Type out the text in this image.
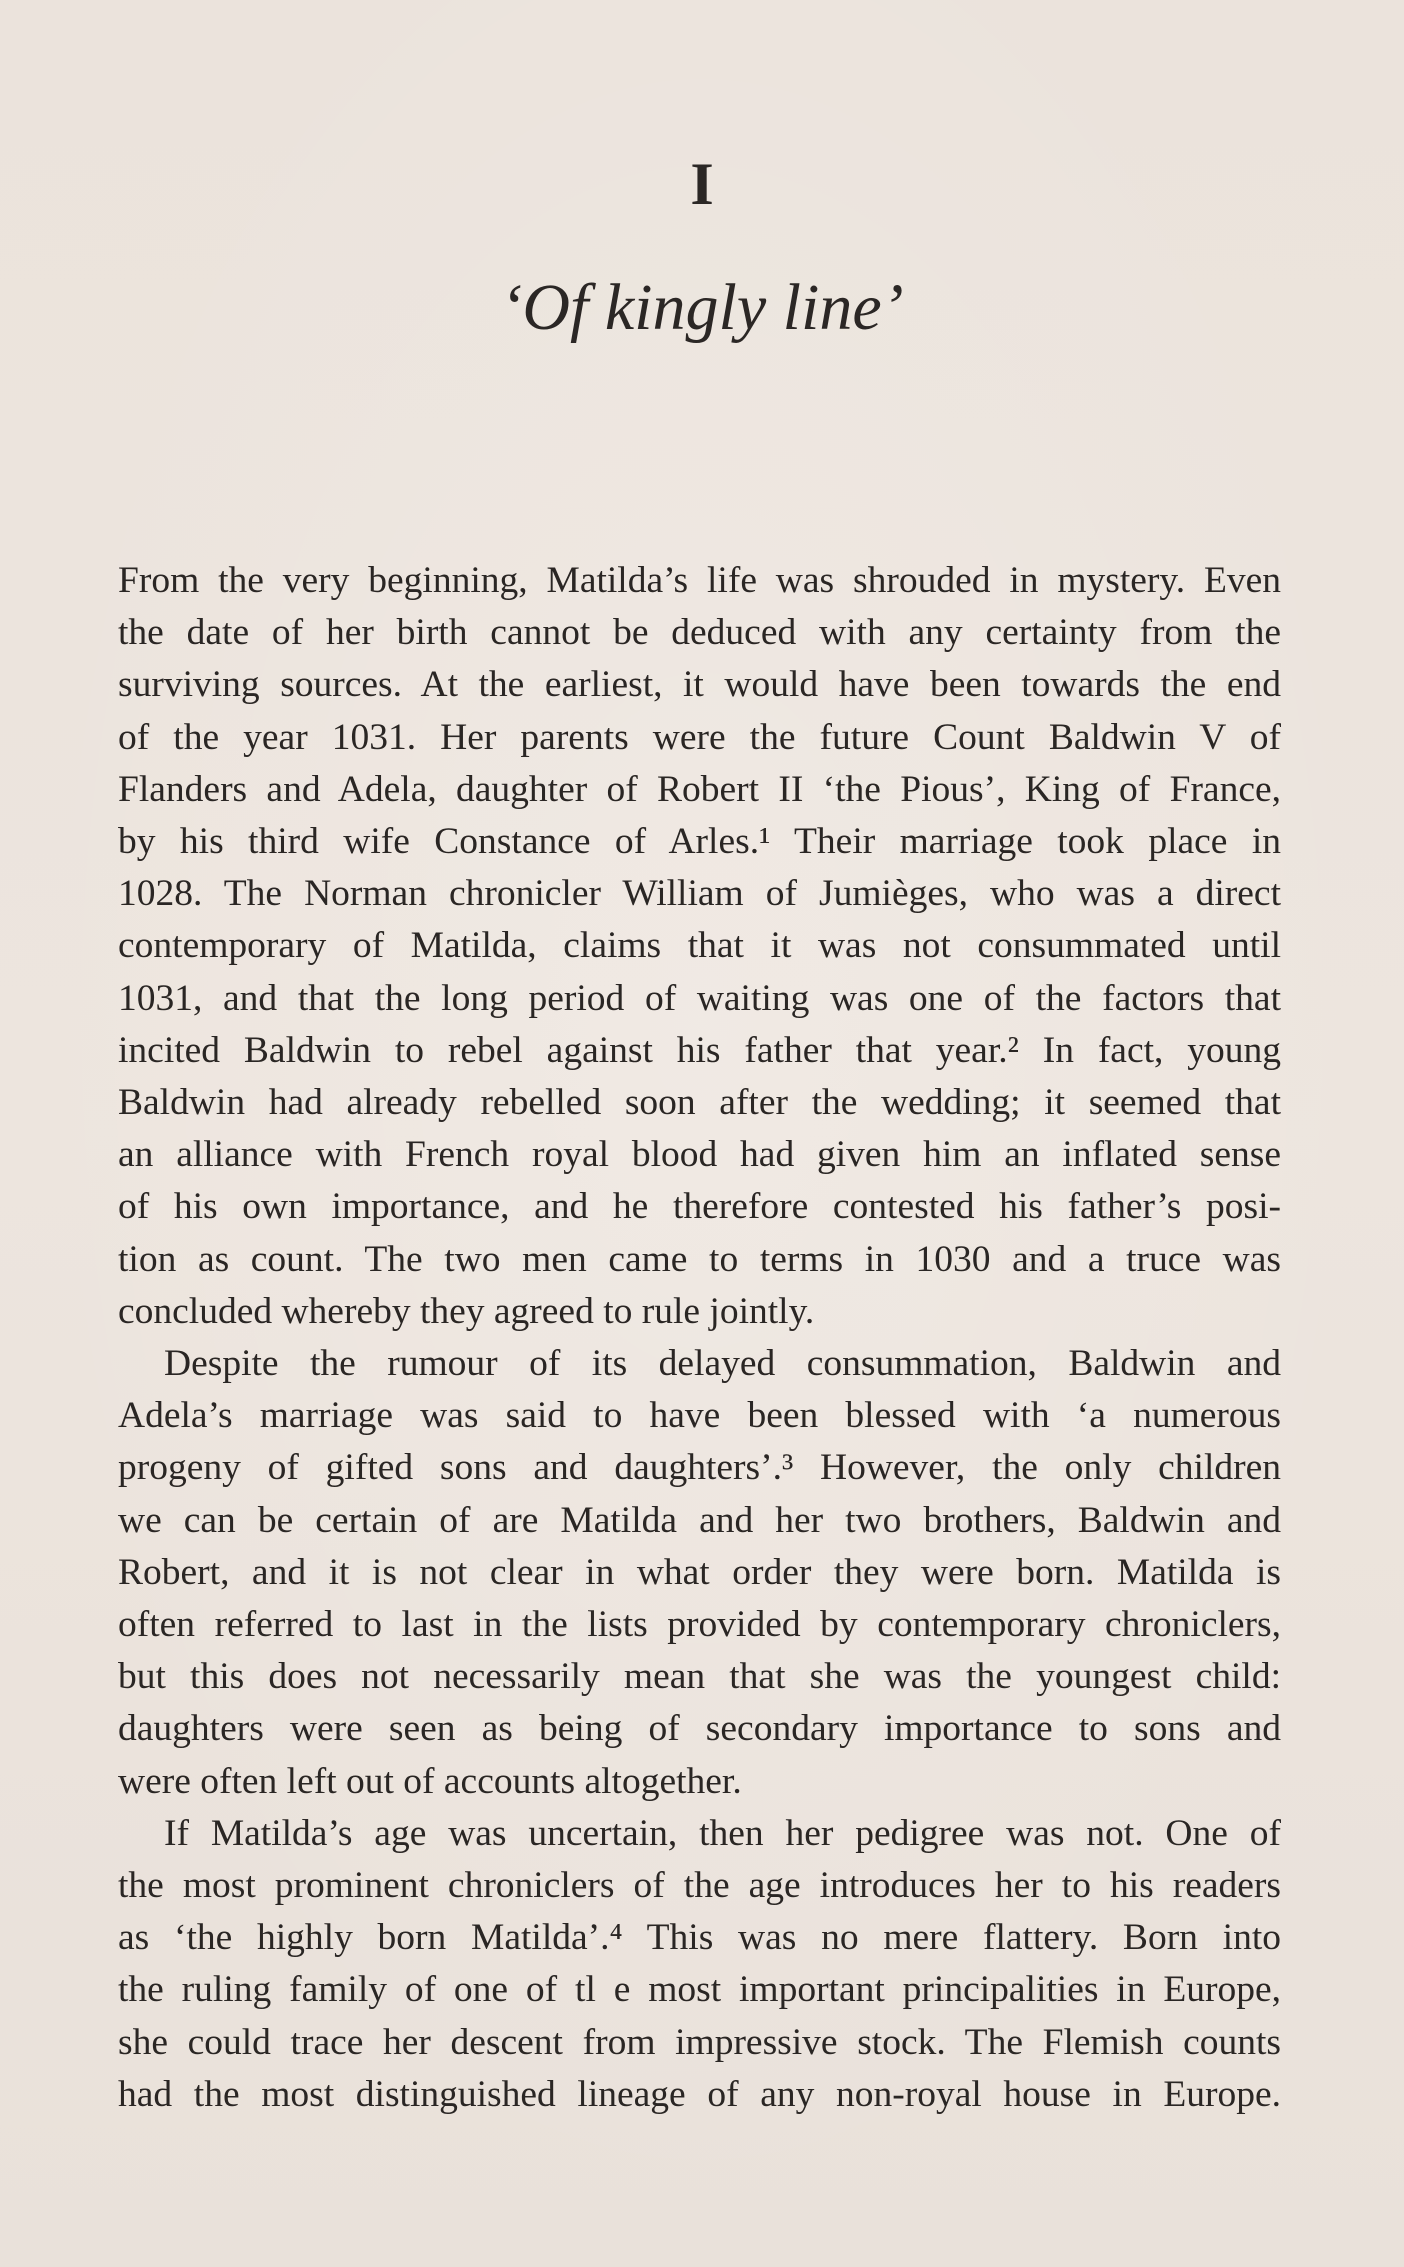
I
‘Of kingly line’
From the very beginning, Matilda’s life was shrouded in mystery. Even
the date of her birth cannot be deduced with any certainty from the
surviving sources. At the earliest, it would have been towards the end
of the year 1031. Her parents were the future Count Baldwin V of
Flanders and Adela, daughter of Robert II ‘the Pious’, King of France,
by his third wife Constance of Arles.¹ Their marriage took place in
1028. The Norman chronicler William of Jumièges, who was a direct
contemporary of Matilda, claims that it was not consummated until
1031, and that the long period of waiting was one of the factors that
incited Baldwin to rebel against his father that year.² In fact, young
Baldwin had already rebelled soon after the wedding; it seemed that
an alliance with French royal blood had given him an inflated sense
of his own importance, and he therefore contested his father’s posi-
tion as count. The two men came to terms in 1030 and a truce was
concluded whereby they agreed to rule jointly.
Despite the rumour of its delayed consummation, Baldwin and
Adela’s marriage was said to have been blessed with ‘a numerous
progeny of gifted sons and daughters’.³ However, the only children
we can be certain of are Matilda and her two brothers, Baldwin and
Robert, and it is not clear in what order they were born. Matilda is
often referred to last in the lists provided by contemporary chroniclers,
but this does not necessarily mean that she was the youngest child:
daughters were seen as being of secondary importance to sons and
were often left out of accounts altogether.
If Matilda’s age was uncertain, then her pedigree was not. One of
the most prominent chroniclers of the age introduces her to his readers
as ‘the highly born Matilda’.⁴ This was no mere flattery. Born into
the ruling family of one of tl e most important principalities in Europe,
she could trace her descent from impressive stock. The Flemish counts
had the most distinguished lineage of any non-royal house in Europe.
